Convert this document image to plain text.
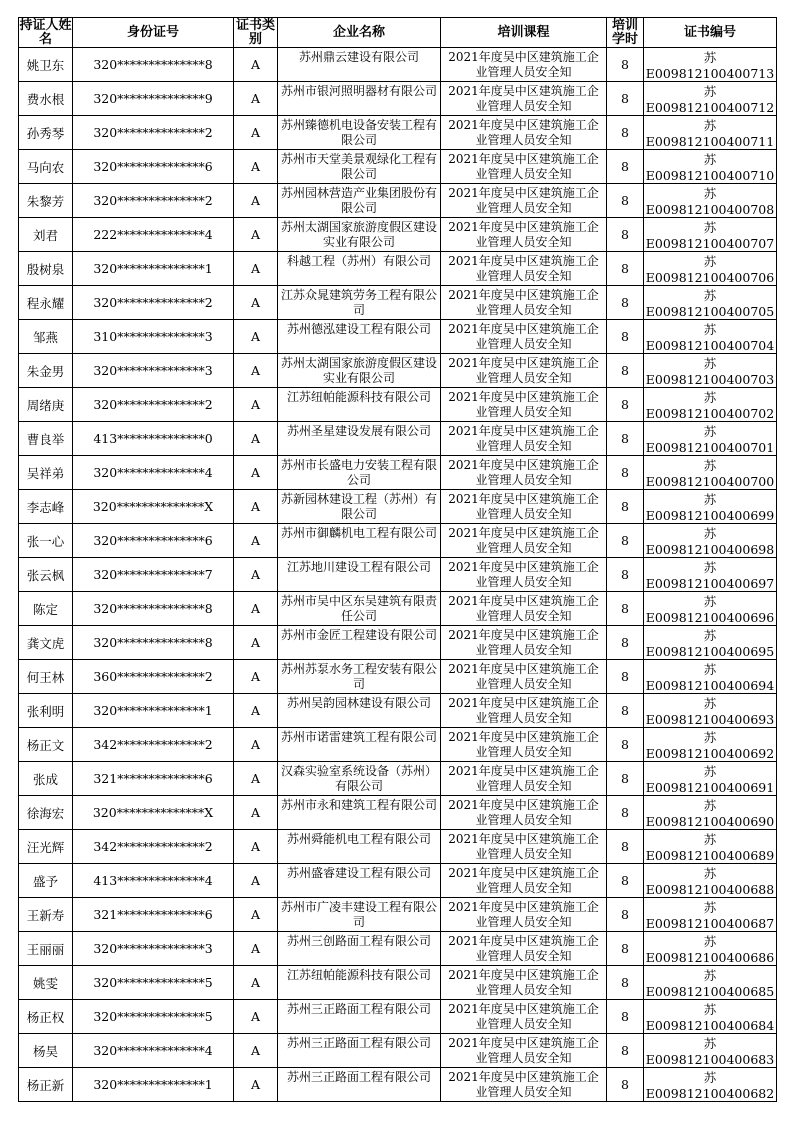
持证人姓名	身份证号	证书类别	企业名称	培训课程	培训学时	证书编号
姚卫东	320**************8	A	苏州鼎云建设有限公司	2021年度吴中区建筑施工企业管理人员安全知	8	苏E009812100400713
费水根	320**************9	A	苏州市银河照明器材有限公司	2021年度吴中区建筑施工企业管理人员安全知	8	苏E009812100400712
孙秀琴	320**************2	A	苏州臻德机电设备安装工程有限公司	2021年度吴中区建筑施工企业管理人员安全知	8	苏E009812100400711
马向农	320**************6	A	苏州市天堂美景观绿化工程有限公司	2021年度吴中区建筑施工企业管理人员安全知	8	苏E009812100400710
朱黎芳	320**************2	A	苏州园林营造产业集团股份有限公司	2021年度吴中区建筑施工企业管理人员安全知	8	苏E009812100400708
刘君	222**************4	A	苏州太湖国家旅游度假区建设实业有限公司	2021年度吴中区建筑施工企业管理人员安全知	8	苏E009812100400707
殷树泉	320**************1	A	科越工程（苏州）有限公司	2021年度吴中区建筑施工企业管理人员安全知	8	苏E009812100400706
程永耀	320**************2	A	江苏众晁建筑劳务工程有限公司	2021年度吴中区建筑施工企业管理人员安全知	8	苏E009812100400705
邹燕	310**************3	A	苏州德泓建设工程有限公司	2021年度吴中区建筑施工企业管理人员安全知	8	苏E009812100400704
朱金男	320**************3	A	苏州太湖国家旅游度假区建设实业有限公司	2021年度吴中区建筑施工企业管理人员安全知	8	苏E009812100400703
周绪庚	320**************2	A	江苏纽帕能源科技有限公司	2021年度吴中区建筑施工企业管理人员安全知	8	苏E009812100400702
曹良举	413**************0	A	苏州圣星建设发展有限公司	2021年度吴中区建筑施工企业管理人员安全知	8	苏E009812100400701
吴祥弟	320**************4	A	苏州市长盛电力安装工程有限公司	2021年度吴中区建筑施工企业管理人员安全知	8	苏E009812100400700
李志峰	320**************X	A	苏新园林建设工程（苏州）有限公司	2021年度吴中区建筑施工企业管理人员安全知	8	苏E009812100400699
张一心	320**************6	A	苏州市御麟机电工程有限公司	2021年度吴中区建筑施工企业管理人员安全知	8	苏E009812100400698
张云枫	320**************7	A	江苏地川建设工程有限公司	2021年度吴中区建筑施工企业管理人员安全知	8	苏E009812100400697
陈定	320**************8	A	苏州市吴中区东吴建筑有限责任公司	2021年度吴中区建筑施工企业管理人员安全知	8	苏E009812100400696
龚文虎	320**************8	A	苏州市金匠工程建设有限公司	2021年度吴中区建筑施工企业管理人员安全知	8	苏E009812100400695
何王林	360**************2	A	苏州苏泵水务工程安装有限公司	2021年度吴中区建筑施工企业管理人员安全知	8	苏E009812100400694
张利明	320**************1	A	苏州吴韵园林建设有限公司	2021年度吴中区建筑施工企业管理人员安全知	8	苏E009812100400693
杨正文	342**************2	A	苏州市诺雷建筑工程有限公司	2021年度吴中区建筑施工企业管理人员安全知	8	苏E009812100400692
张成	321**************6	A	汉森实验室系统设备（苏州）有限公司	2021年度吴中区建筑施工企业管理人员安全知	8	苏E009812100400691
徐海宏	320**************X	A	苏州市永和建筑工程有限公司	2021年度吴中区建筑施工企业管理人员安全知	8	苏E009812100400690
汪光辉	342**************2	A	苏州舜能机电工程有限公司	2021年度吴中区建筑施工企业管理人员安全知	8	苏E009812100400689
盛予	413**************4	A	苏州盛睿建设工程有限公司	2021年度吴中区建筑施工企业管理人员安全知	8	苏E009812100400688
王新寿	321**************6	A	苏州市广凌丰建设工程有限公司	2021年度吴中区建筑施工企业管理人员安全知	8	苏E009812100400687
王丽丽	320**************3	A	苏州三创路面工程有限公司	2021年度吴中区建筑施工企业管理人员安全知	8	苏E009812100400686
姚雯	320**************5	A	江苏纽帕能源科技有限公司	2021年度吴中区建筑施工企业管理人员安全知	8	苏E009812100400685
杨正权	320**************5	A	苏州三正路面工程有限公司	2021年度吴中区建筑施工企业管理人员安全知	8	苏E009812100400684
杨昊	320**************4	A	苏州三正路面工程有限公司	2021年度吴中区建筑施工企业管理人员安全知	8	苏E009812100400683
杨正新	320**************1	A	苏州三正路面工程有限公司	2021年度吴中区建筑施工企业管理人员安全知	8	苏E009812100400682
